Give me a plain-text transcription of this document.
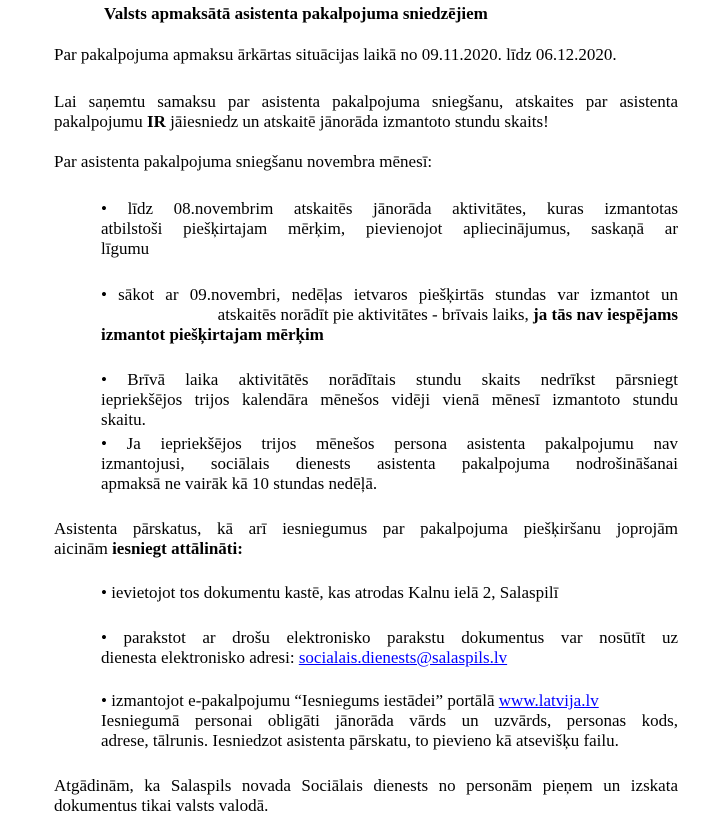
Valsts apmaksātā asistenta pakalpojuma sniedzējiem

Par pakalpojuma apmaksu ārkārtas situācijas laikā no 09.11.2020. līdz 06.12.2020.

Lai saņemtu samaksu par asistenta pakalpojuma sniegšanu, atskaites par asistenta
pakalpojumu IR jāiesniedz un atskaitē jānorāda izmantoto stundu skaits!

Par asistenta pakalpojuma sniegšanu novembra mēnesī:

• līdz 08.novembrim atskaitēs jānorāda aktivitātes, kuras izmantotas
atbilstoši piešķirtajam mērķim, pievienojot apliecinājumus, saskaņā ar
līgumu
• sākot ar 09.novembri, nedēļas ietvaros piešķirtās stundas var izmantot un
atskaitēs norādīt pie aktivitātes - brīvais laiks, ja tās nav iespējams
izmantot piešķirtajam mērķim
• Brīvā laika aktivitātēs norādītais stundu skaits nedrīkst pārsniegt
iepriekšējos trijos kalendāra mēnešos vidēji vienā mēnesī izmantoto stundu
skaitu.
• Ja iepriekšējos trijos mēnešos persona asistenta pakalpojumu nav
izmantojusi, sociālais dienests asistenta pakalpojuma nodrošināšanai
apmaksā ne vairāk kā 10 stundas nedēļā.

Asistenta pārskatus, kā arī iesniegumus par pakalpojuma piešķiršanu joprojām
aicinām iesniegt attālināti:

• ievietojot tos dokumentu kastē, kas atrodas Kalnu ielā 2, Salaspilī

• parakstot ar drošu elektronisko parakstu dokumentus var nosūtīt uz
dienesta elektronisko adresi: socialais.dienests@salaspils.lv
• izmantojot e-pakalpojumu “Iesniegums iestādei” portālā www.latvija.lv
Iesniegumā personai obligāti jānorāda vārds un uzvārds, personas kods,
adrese, tālrunis. Iesniedzot asistenta pārskatu, to pievieno kā atsevišķu failu.

Atgādinām, ka Salaspils novada Sociālais dienests no personām pieņem un izskata
dokumentus tikai valsts valodā.
